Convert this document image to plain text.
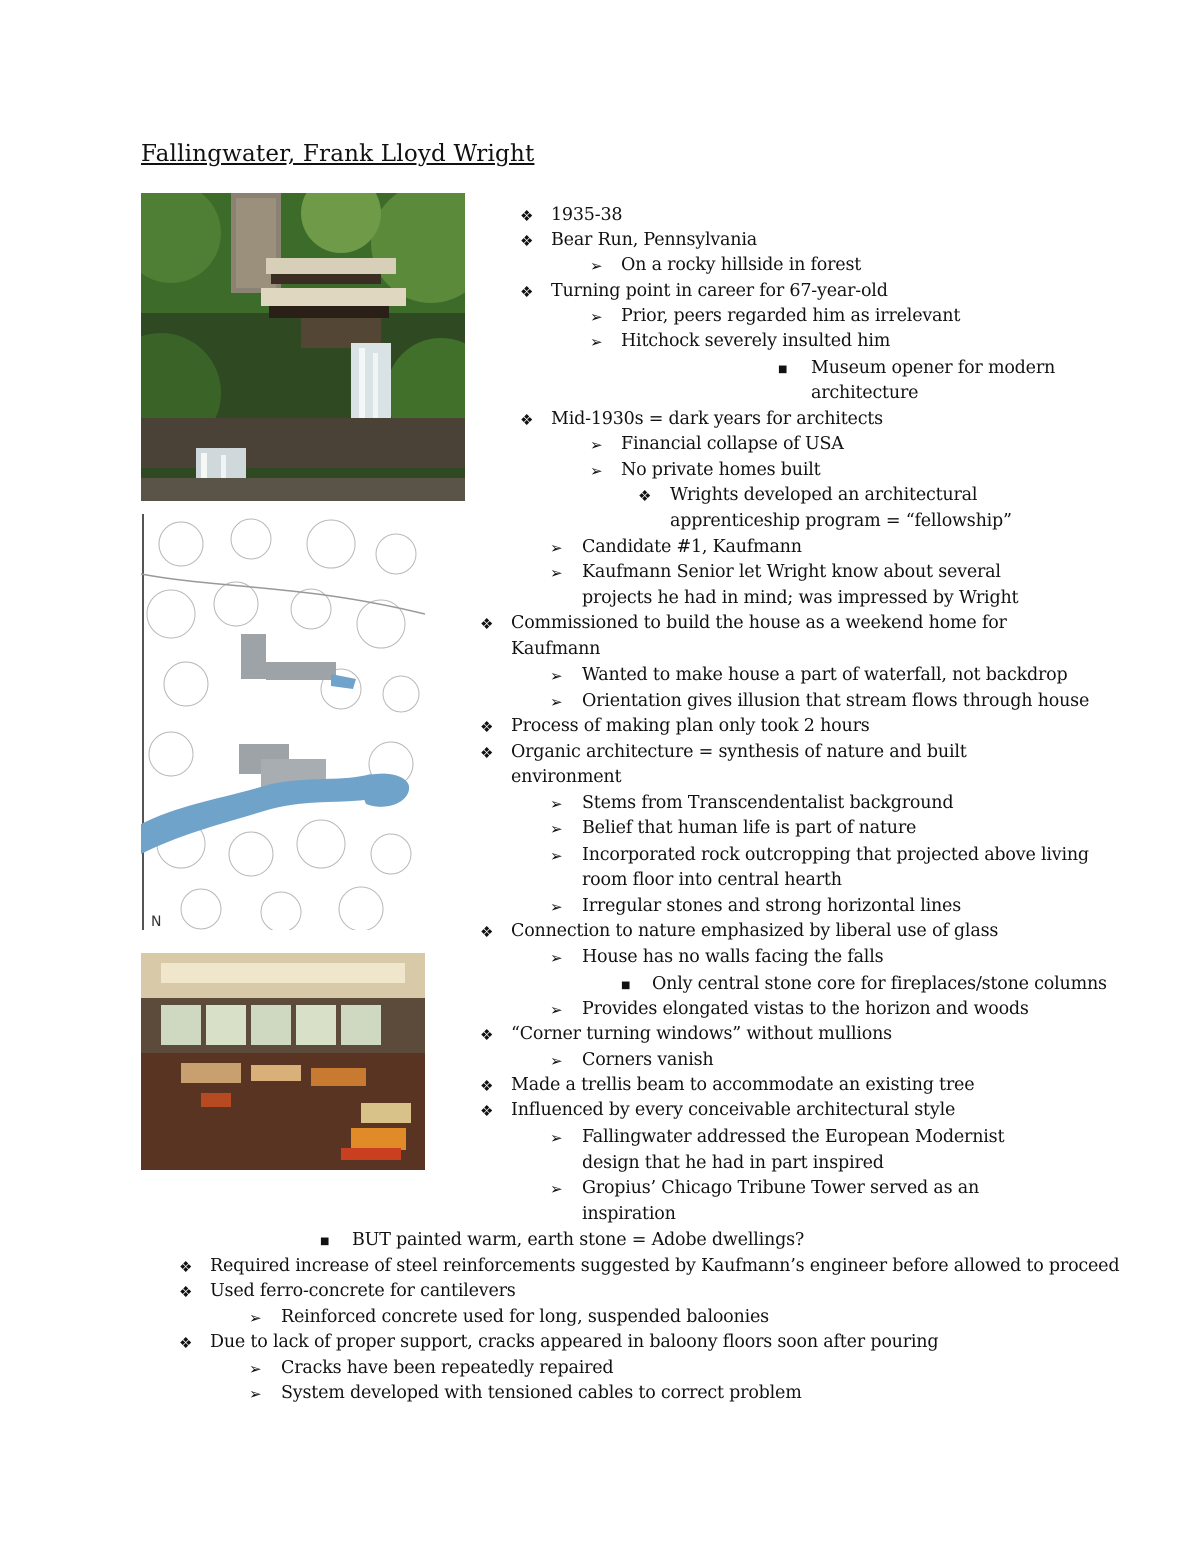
Fallingwater, Frank Lloyd Wright
N
❖
1935-38
❖
Bear Run, Pennsylvania
➢
On a rocky hillside in forest
❖
Turning point in career for 67-year-old
➢
Prior, peers regarded him as irrelevant
➢
Hitchock severely insulted him
■
Museum opener for modern
architecture
❖
Mid-1930s = dark years for architects
➢
Financial collapse of USA
➢
No private homes built
❖
Wrights developed an architectural
apprenticeship program = “fellowship”
➢
Candidate #1, Kaufmann
➢
Kaufmann Senior let Wright know about several
projects he had in mind; was impressed by Wright
❖
Commissioned to build the house as a weekend home for
Kaufmann
➢
Wanted to make house a part of waterfall, not backdrop
➢
Orientation gives illusion that stream flows through house
❖
Process of making plan only took 2 hours
❖
Organic architecture = synthesis of nature and built
environment
➢
Stems from Transcendentalist background
➢
Belief that human life is part of nature
➢
Incorporated rock outcropping that projected above living
room floor into central hearth
➢
Irregular stones and strong horizontal lines
❖
Connection to nature emphasized by liberal use of glass
➢
House has no walls facing the falls
■
Only central stone core for fireplaces/stone columns
➢
Provides elongated vistas to the horizon and woods
❖
“Corner turning windows” without mullions
➢
Corners vanish
❖
Made a trellis beam to accommodate an existing tree
❖
Influenced by every conceivable architectural style
➢
Fallingwater addressed the European Modernist
design that he had in part inspired
➢
Gropius’ Chicago Tribune Tower served as an
inspiration
■
BUT painted warm, earth stone = Adobe dwellings?
❖
Required increase of steel reinforcements suggested by Kaufmann’s engineer before allowed to proceed
❖
Used ferro-concrete for cantilevers
➢
Reinforced concrete used for long, suspended baloonies
❖
Due to lack of proper support, cracks appeared in baloony floors soon after pouring
➢
Cracks have been repeatedly repaired
➢
System developed with tensioned cables to correct problem
